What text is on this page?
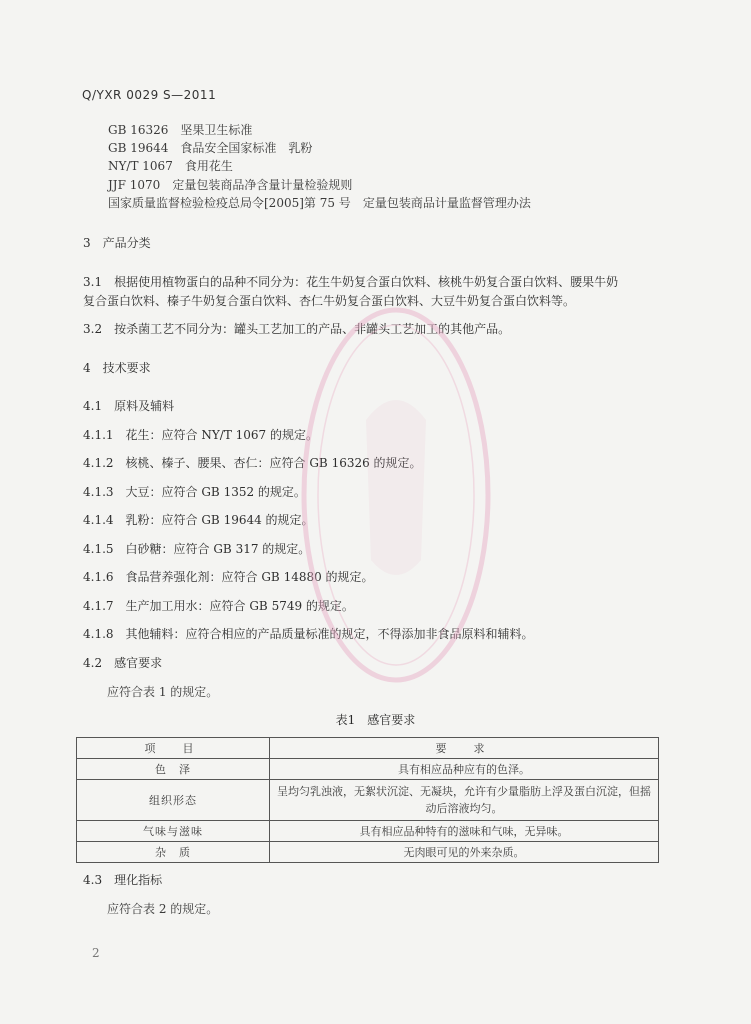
Q/YXR 0029 S—2011
GB 16326　 坚果卫生标准
GB 19644　 食品安全国家标准　乳粉
NY/T 1067　 食用花生
JJF 1070　 定量包装商品净含量计量检验规则
国家质量监督检验检疫总局令[2005]第 75 号　 定量包装商品计量监督管理办法
3　产品分类
3.1　根据使用植物蛋白的品种不同分为：花生牛奶复合蛋白饮料、核桃牛奶复合蛋白饮料、腰果牛奶
复合蛋白饮料、榛子牛奶复合蛋白饮料、杏仁牛奶复合蛋白饮料、大豆牛奶复合蛋白饮料等。
3.2　按杀菌工艺不同分为：罐头工艺加工的产品、非罐头工艺加工的其他产品。
4　技术要求
4.1　原料及辅料
4.1.1　花生：应符合 NY/T 1067 的规定。
4.1.2　核桃、榛子、腰果、杏仁：应符合 GB 16326 的规定。
4.1.3　大豆：应符合 GB 1352 的规定。
4.1.4　乳粉：应符合 GB 19644 的规定。
4.1.5　白砂糖：应符合 GB 317 的规定。
4.1.6　食品营养强化剂：应符合 GB 14880 的规定。
4.1.7　生产加工用水：应符合 GB 5749 的规定。
4.1.8　其他辅料：应符合相应的产品质量标准的规定，不得添加非食品原料和辅料。
4.2　感官要求
应符合表 1 的规定。
表1　感官要求
项　目	要　求
色　泽	具有相应品种应有的色泽。
组织形态	呈均匀乳浊液，无絮状沉淀、无凝块，允许有少量脂肪上浮及蛋白沉淀，但摇
动后溶液均匀。
气味与滋味	具有相应品种特有的滋味和气味，无异味。
杂　质	无肉眼可见的外来杂质。
4.3　理化指标
应符合表 2 的规定。
2
